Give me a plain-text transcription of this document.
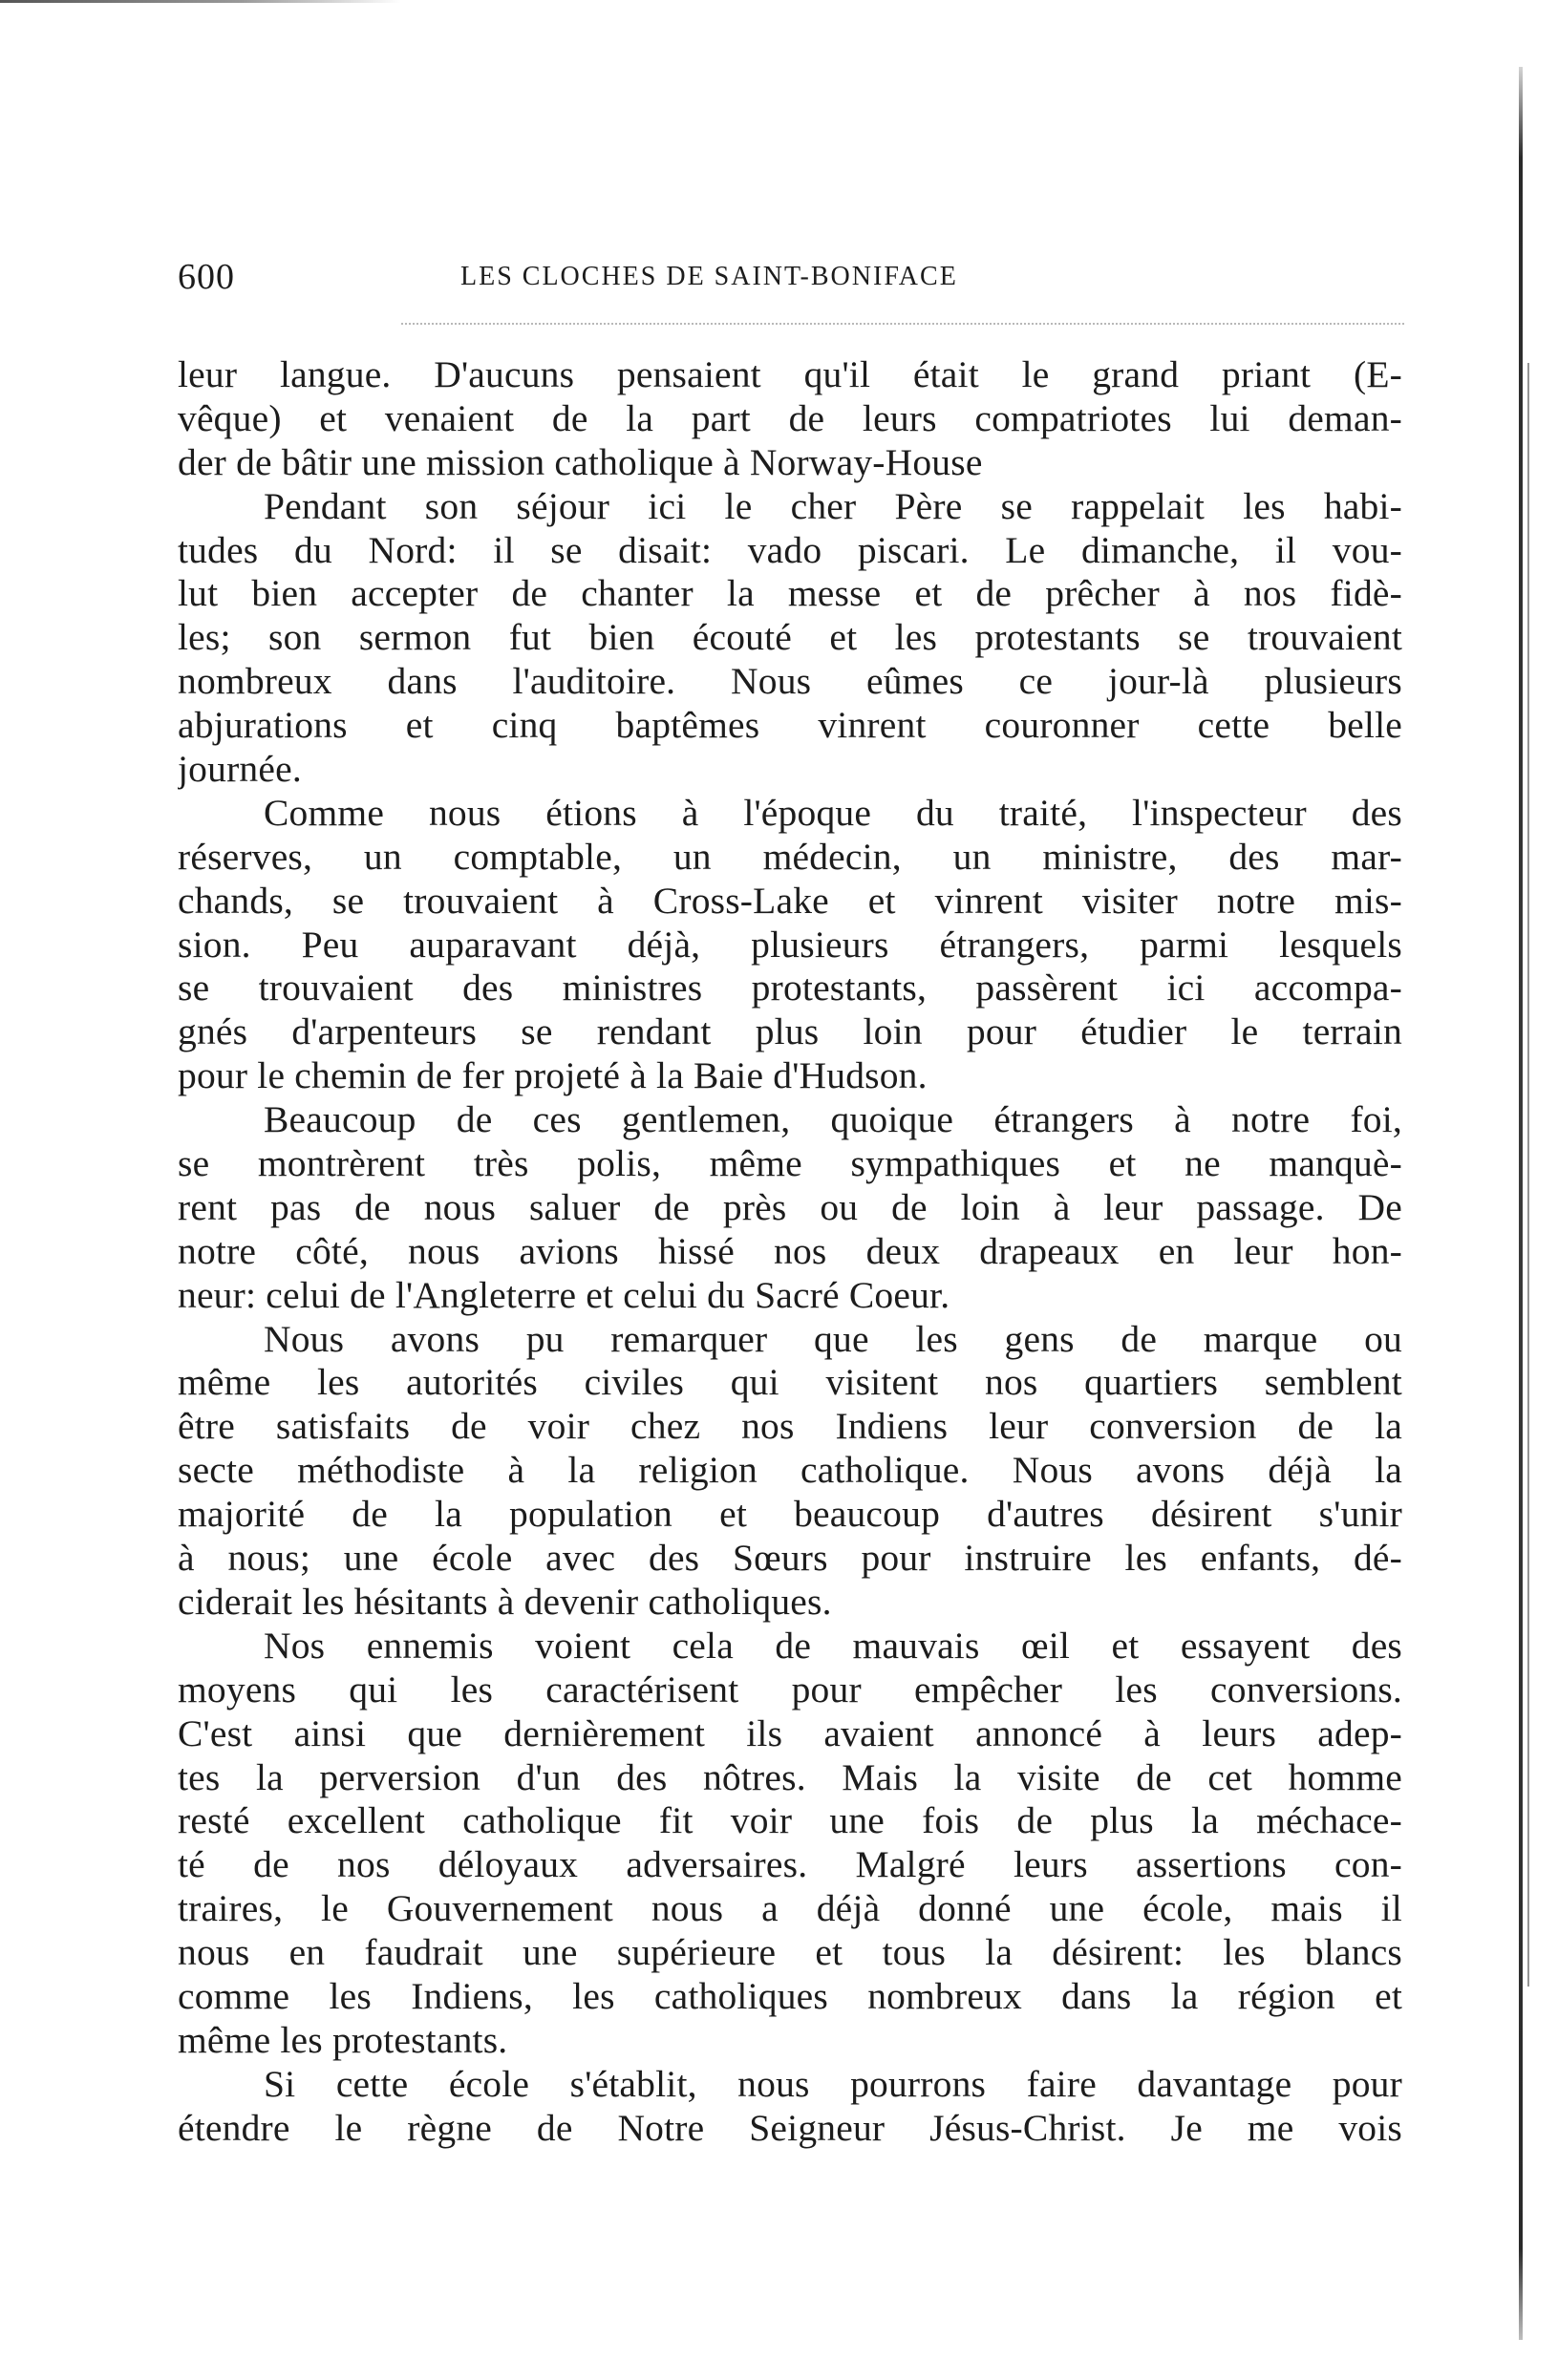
600	LES CLOCHES DE SAINT-BONIFACE
leur langue. D'aucuns pensaient qu'il était le grand priant (E-
vêque) et venaient de la part de leurs compatriotes lui deman-
der de bâtir une mission catholique à Norway-House
Pendant son séjour ici le cher Père se rappelait les habi-
tudes du Nord: il se disait: vado piscari. Le dimanche, il vou-
lut bien accepter de chanter la messe et de prêcher à nos fidè-
les; son sermon fut bien écouté et les protestants se trouvaient
nombreux dans l'auditoire. Nous eûmes ce jour-là plusieurs
abjurations et cinq baptêmes vinrent couronner cette belle
journée.
Comme nous étions à l'époque du traité, l'inspecteur des
réserves, un comptable, un médecin, un ministre, des mar-
chands, se trouvaient à Cross-Lake et vinrent visiter notre mis-
sion. Peu auparavant déjà, plusieurs étrangers, parmi lesquels
se trouvaient des ministres protestants, passèrent ici accompa-
gnés d'arpenteurs se rendant plus loin pour étudier le terrain
pour le chemin de fer projeté à la Baie d'Hudson.
Beaucoup de ces gentlemen, quoique étrangers à notre foi,
se montrèrent très polis, même sympathiques et ne manquè-
rent pas de nous saluer de près ou de loin à leur passage. De
notre côté, nous avions hissé nos deux drapeaux en leur hon-
neur: celui de l'Angleterre et celui du Sacré Coeur.
Nous avons pu remarquer que les gens de marque ou
même les autorités civiles qui visitent nos quartiers semblent
être satisfaits de voir chez nos Indiens leur conversion de la
secte méthodiste à la religion catholique. Nous avons déjà la
majorité de la population et beaucoup d'autres désirent s'unir
à nous; une école avec des Sœurs pour instruire les enfants, dé-
ciderait les hésitants à devenir catholiques.
Nos ennemis voient cela de mauvais œil et essayent des
moyens qui les caractérisent pour empêcher les conversions.
C'est ainsi que dernièrement ils avaient annoncé à leurs adep-
tes la perversion d'un des nôtres. Mais la visite de cet homme
resté excellent catholique fit voir une fois de plus la méchace-
té de nos déloyaux adversaires. Malgré leurs assertions con-
traires, le Gouvernement nous a déjà donné une école, mais il
nous en faudrait une supérieure et tous la désirent: les blancs
comme les Indiens, les catholiques nombreux dans la région et
même les protestants.
Si cette école s'établit, nous pourrons faire davantage pour
étendre le règne de Notre Seigneur Jésus-Christ. Je me vois
